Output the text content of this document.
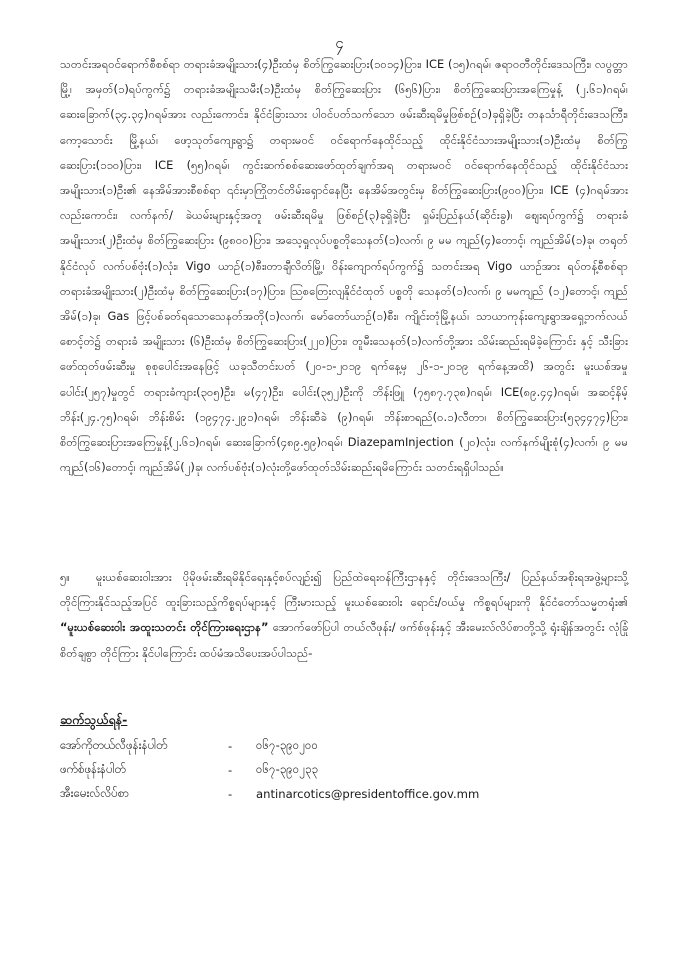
၄

သတင်းအရဝင်ရောက်စီစစ်ရာ တရားခံအမျိုးသား(၄)ဦးထံမှ စိတ်ကြွဆေးပြား(၁၀၁၄)ပြား၊ ICE (၁၅)ဂရမ်၊ ဇရာဝတီတိုင်းဒေသကြီး၊ လပွတ္တာမြို့၊ အမှတ်(၁)ရပ်ကွက်၌ တရားခံအမျိုးသမီး(၁)ဦးထံမှ စိတ်ကြွဆေးပြား (၆၅၆)ပြား၊ စိတ်ကြွဆေးပြားအကြေမှုန့် (၂.၆၁)ဂရမ်၊ ဆေးခြောက်(၃၄.၃၄)ဂရမ်အား လည်းကောင်း၊ နိုင်ငံခြားသား ပါဝင်ပတ်သက်သော ဖမ်းဆီးရမိမှုဖြစ်စဉ်(၁)ခုရှိခဲ့ပြီး တနင်္သာရီတိုင်းဒေသကြီး၊ ကော့သောင်း မြို့နယ်၊ ဖော့သုတ်ကျေးရွာ၌ တရားမဝင် ဝင်ရောက်နေထိုင်သည့် ထိုင်းနိုင်ငံသားအမျိုးသား(၁)ဦးထံမှ စိတ်ကြွ ဆေးပြား(၁၁၀)ပြား၊ ICE (၅၅)ဂရမ်၊ ကွင်းဆက်စစ်ဆေးဖော်ထုတ်ချက်အရ တရားမဝင် ဝင်ရောက်နေထိုင်သည့် ထိုင်းနိုင်ငံသားအမျိုးသား(၁)ဦး၏ နေအိမ်အားစီစစ်ရာ ၎င်းမှာကြိုတင်တိမ်းရှောင်နေပြီး နေအိမ်အတွင်းမှ စိတ်ကြွဆေးပြား(၉၀၀)ပြား၊ ICE (၄)ဂရမ်အားလည်းကောင်း၊ လက်နက်/ ခဲယမ်းများနှင့်အတူ ဖမ်းဆီးရမိမှု ဖြစ်စဉ်(၃)ခုရှိခဲ့ပြီး ရှမ်းပြည်နယ်(ဆိုင်းခွ)၊ ဈေးရပ်ကွက်၌ တရားခံအမျိုးသား(၂)ဦးထံမှ စိတ်ကြွဆေးပြား (၉၈၀၀)ပြား၊ အသေ့ရှုလုပ်ပစ္စတိုသေနတ်(၁)လက်၊ ၉ မမ ကျည်(၄)တောင့်၊ ကျည်အိမ်(၁)ခု၊ တရုတ်နိုင်ငံလုပ် လက်ပစ်ဗုံး(၁)လုံး၊ Vigo ယာဉ်(၁)စီး၊တာချီလိတ်မြို့၊ ဝိန်းကျောက်ရပ်ကွက်၌ သတင်းအရ Vigo ယာဉ်အား ရပ်တန့်စီစစ်ရာ တရားခံအမျိုးသား(၂)ဦးထံမှ စိတ်ကြွဆေးပြား(၁၇)ပြား၊ သြစတြေးလျနိုင်ငံထုတ် ပစ္စတို သေနတ်(၁)လက်၊ ၉ မမကျည် (၁၂)တောင့်၊ ကျည်အိမ်(၁)ခု၊ Gas ဖြင့်ပစ်ခတ်ရသောသေနတ်အတို(၁)လက်၊ မော်တော်ယာဉ်(၁)စီး၊ ကျိုင်းတုံမြို့နယ်၊ သာယာကုန်းကျေးရွာအရှေ့ဘက်လယ်စောင့်တဲ၌ တရားခံ အမျိုးသား (၆)ဦးထံမှ စိတ်ကြွဆေးပြား(၂၂၀)ပြား၊ တူမီးသေနတ်(၁)လက်တို့အား သိမ်းဆည်းရမိခဲ့ကြောင်း နှင့် သီးခြား ဖော်ထုတ်ဖမ်းဆီးမှု စုစုပေါင်းအနေဖြင့် ယခုသီတင်းပတ် (၂၀-၁-၂၀၁၉ ရက်နေ့မှ ၂၆-၁-၂၀၁၉ ရက်နေ့အထိ) အတွင်း မူးယစ်အမှုပေါင်း(၂၅၇)မှုတွင် တရားခံကျား(၃၀၅)ဦး၊ မ(၄၇)ဦး၊ ပေါင်း(၃၅၂)ဦးကို ဘိန်းဖြူ (၇၅၈၇.၇၃၈)ဂရမ်၊ ICE(၈၉.၄၄)ဂရမ်၊ အဆင့်နိမ့်ဘိန်း(၂၄.၇၅)ဂရမ်၊ ဘိန်းစိမ်း (၁၉၄၇၄.၂၉၁)ဂရမ်၊ ဘိန်းဆီခဲ (၉)ဂရမ်၊ ဘိန်းစာရည်(၀.၁)လီတာ၊ စိတ်ကြွဆေးပြား(၅၃၄၄၇၄)ပြား၊ စိတ်ကြွဆေးပြားအကြေမှုန့်(၂.၆၁)ဂရမ်၊ ဆေးခြောက်(၄၈၉.၅၉)ဂရမ်၊ DiazepamInjection (၂၀)လုံး၊ လက်နက်မျိုးစုံ(၄)လက်၊ ၉ မမ ကျည်(၁၆)တောင့်၊ ကျည်အိမ်(၂)ခု၊ လက်ပစ်ဗုံး(၁)လုံးတို့ဖော်ထုတ်သိမ်းဆည်းရမိကြောင်း သတင်းရရှိပါသည်။

၅။ မူးယစ်ဆေးဝါးအား ပိုမိုဖမ်းဆီးရမိနိုင်ရေးနှင့်စပ်လျဉ်း၍ ပြည်ထဲရေးဝန်ကြီးဌာနနှင့် တိုင်းဒေသကြီး/ ပြည်နယ်အစိုးရအဖွဲ့များသို့ တိုင်ကြားနိုင်သည့်အပြင် ထူးခြားသည့်ကိစ္စရပ်များနှင့် ကြီးမားသည့် မူးယစ်ဆေးဝါး ရောင်း/ဝယ်မှု ကိစ္စရပ်များကို နိုင်ငံတော်သမ္မတရုံး၏ “မူးယစ်ဆေးဝါး အထူးသတင်း တိုင်ကြားရေးဌာန” အောက်ဖော်ပြပါ တယ်လီဖုန်း/ ဖက်စ်ဖုန်းနှင့် အီးမေးလ်လိပ်စာတို့သို့ ရုံးချိန်အတွင်း လုံခြုံစိတ်ချစွာ တိုင်ကြား နိုင်ပါကြောင်း ထပ်မံအသိပေးအပ်ပါသည်-

ဆက်သွယ်ရန်-
အော်ကိုတယ်လီဖုန်းနံပါတ်	-	၀၆၇-၃၉၀၂၀၀
ဖက်စ်ဖုန်းနံပါတ်	-	၀၆၇-၃၉၀၂၃၃
အီးမေးလ်လိပ်စာ	-	antinarcotics@presidentoffice.gov.mm
